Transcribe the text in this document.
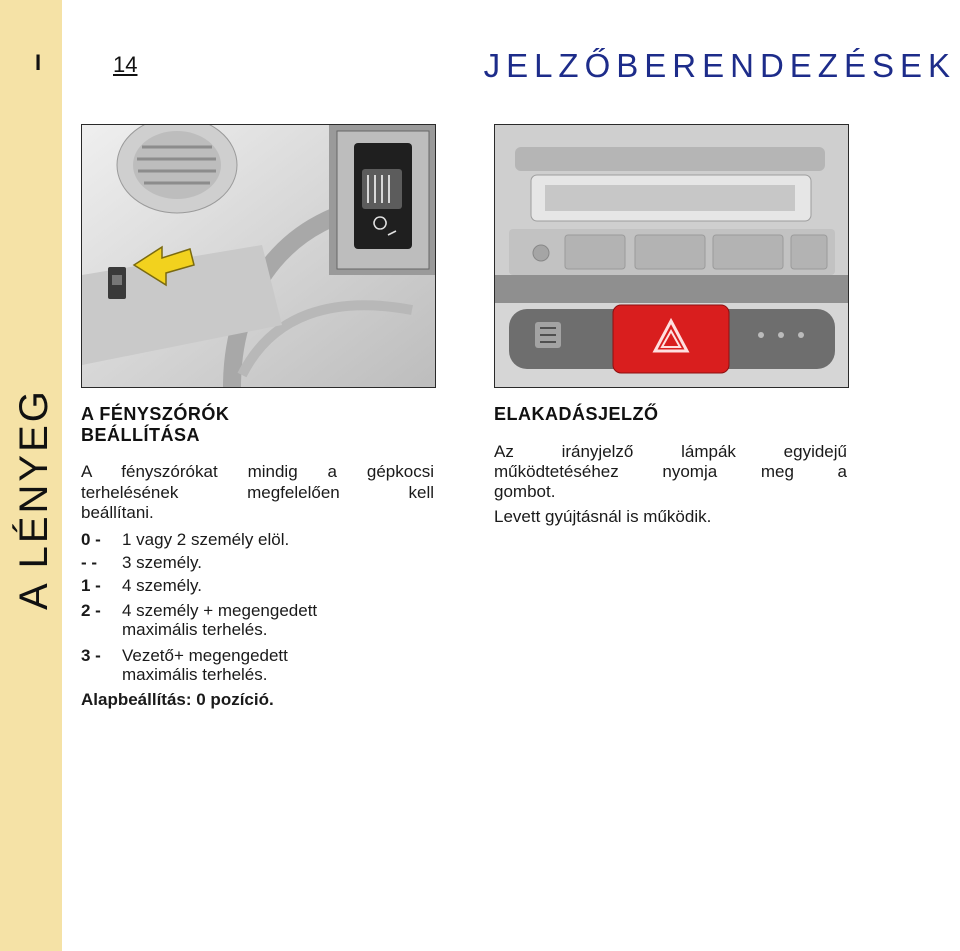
I
A LÉNYEG
14	JELZŐBERENDEZÉSEK
A FÉNYSZÓRÓK
BEÁLLÍTÁSA
A fényszórókat mindig a gépkocsi
terhelésének megfelelően kell
beállítani.
0 - 1 vagy 2 személy elöl.
- - 3 személy.
1 - 4 személy.
2 - 4 személy + megengedett
maximális terhelés.
3 - Vezető+ megengedett
maximális terhelés.
Alapbeállítás: 0 pozíció.
ELAKADÁSJELZŐ
Az irányjelző lámpák egyidejű
működtetéséhez nyomja meg a
gombot.
Levett gyújtásnál is működik.
